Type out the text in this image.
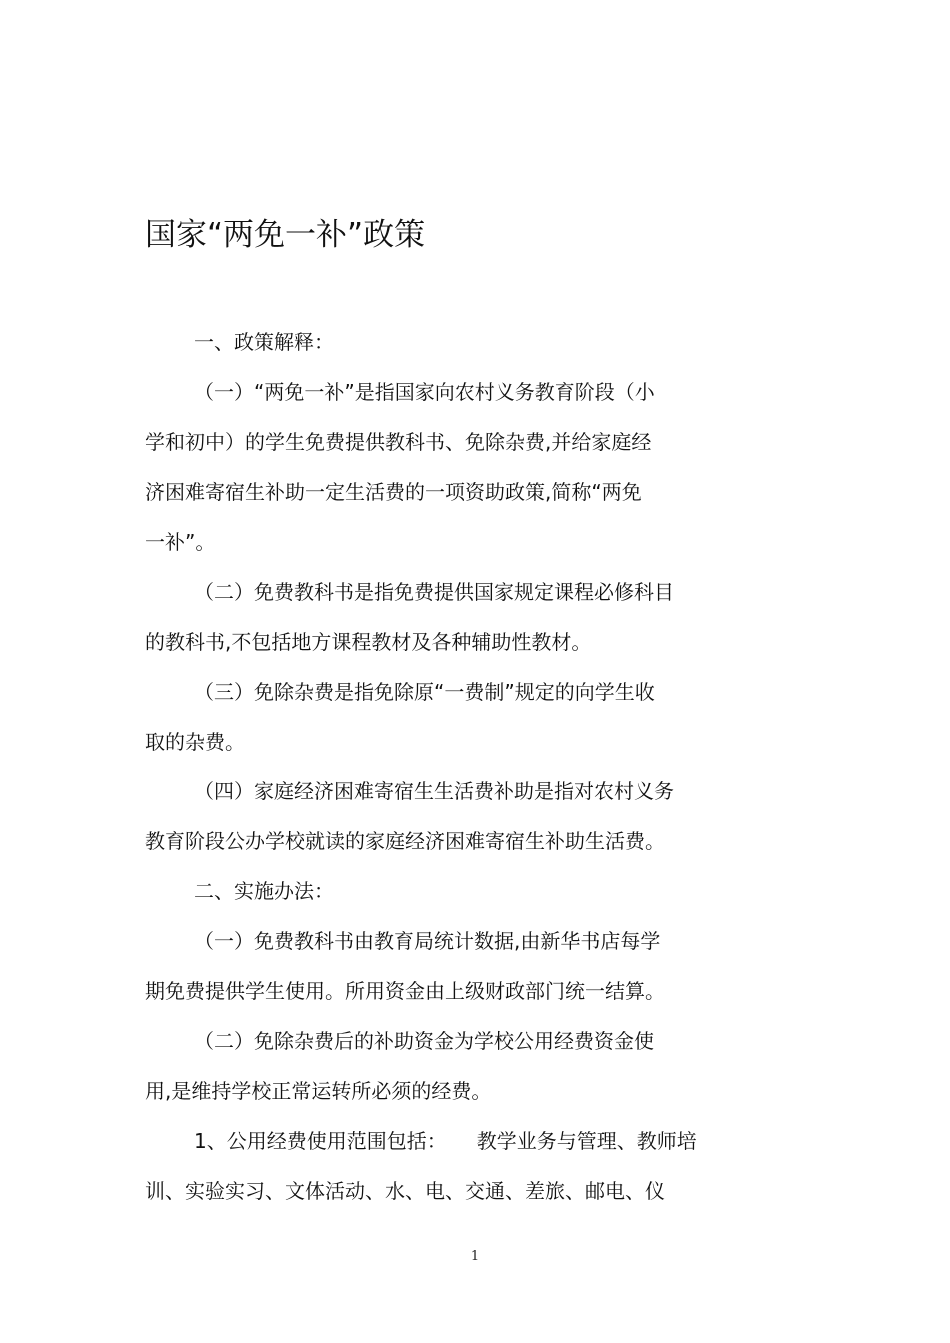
国家“两免一补”政策
一、政策解释：
（一）“两免一补”是指国家向农村义务教育阶段（小
学和初中）的学生免费提供教科书、免除杂费,并给家庭经
济困难寄宿生补助一定生活费的一项资助政策,简称“两免
一补”。
（二）免费教科书是指免费提供国家规定课程必修科目
的教科书,不包括地方课程教材及各种辅助性教材。
（三）免除杂费是指免除原“一费制”规定的向学生收
取的杂费。
（四）家庭经济困难寄宿生生活费补助是指对农村义务
教育阶段公办学校就读的家庭经济困难寄宿生补助生活费。
二、实施办法：
（一）免费教科书由教育局统计数据,由新华书店每学
期免费提供学生使用。所用资金由上级财政部门统一结算。
（二）免除杂费后的补助资金为学校公用经费资金使
用,是维持学校正常运转所必须的经费。
1、公用经费使用范围包括：　　教学业务与管理、教师培
训、实验实习、文体活动、水、电、交通、差旅、邮电、仪
1
